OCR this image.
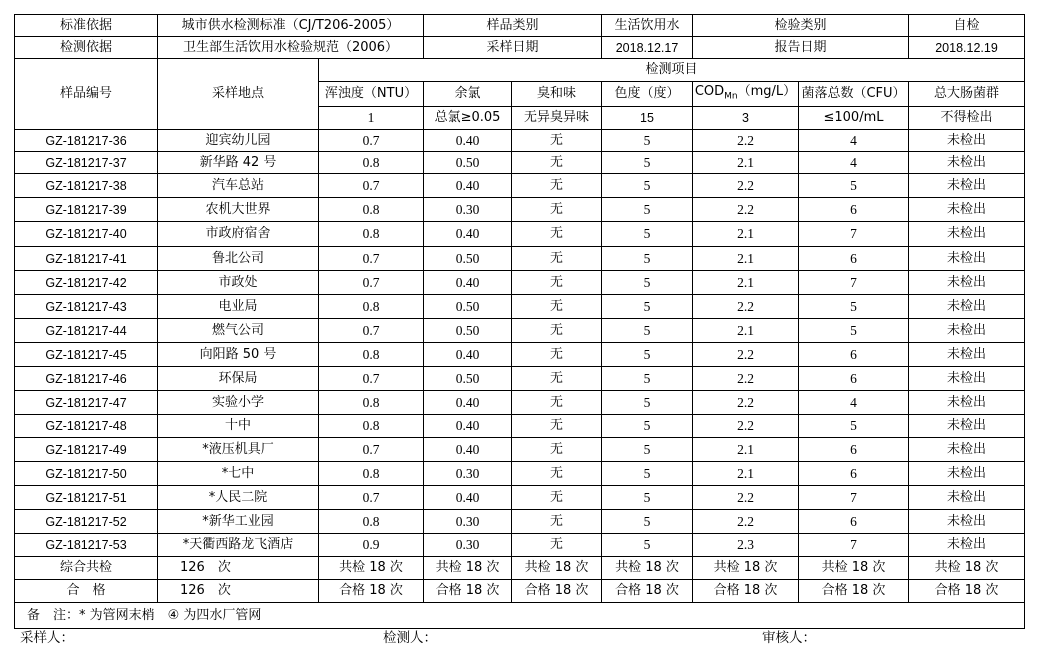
标准依据	城市供水检测标准（CJ/T206-2005）		样品类别		生活饮用水	检验类别		自检
检测依据	卫生部生活饮用水检验规范（2006）		采样日期		2018.12.17	报告日期		2018.12.19
样品编号	采样地点	检测项目						
		浑浊度（NTU）	余氯	臭和味	色度（度）	$COD_{Mn}(mg/L)$	菌落总数（CFU）	总大肠菌群
		1	总氯≥0.05	无异臭异味	15	3	≤100/mL	不得检出
GZ-181217-36	迎宾幼儿园	0.7	0.40	无	5	2.2	4	未检出
GZ-181217-37	新华路 42 号	0.8	0.50	无	5	2.1	4	未检出
GZ-181217-38	汽车总站	0.7	0.40	无	5	2.2	5	未检出
GZ-181217-39	农机大世界	0.8	0.30	无	5	2.2	6	未检出
GZ-181217-40	市政府宿舍	0.8	0.40	无	5	2.1	7	未检出
GZ-181217-41	鲁北公司	0.7	0.50	无	5	2.1	6	未检出
GZ-181217-42	市政处	0.7	0.40	无	5	2.1	7	未检出
GZ-181217-43	电业局	0.8	0.50	无	5	2.2	5	未检出
GZ-181217-44	燃气公司	0.7	0.50	无	5	2.1	5	未检出
GZ-181217-45	向阳路 50 号	0.8	0.40	无	5	2.2	6	未检出
GZ-181217-46	环保局	0.7	0.50	无	5	2.2	6	未检出
GZ-181217-47	实验小学	0.8	0.40	无	5	2.2	4	未检出
GZ-181217-48	十中	0.8	0.40	无	5	2.2	5	未检出
GZ-181217-49	*液压机具厂	0.7	0.40	无	5	2.1	6	未检出
GZ-181217-50	*七中	0.8	0.30	无	5	2.1	6	未检出
GZ-181217-51	*人民二院	0.7	0.40	无	5	2.2	7	未检出
GZ-181217-52	*新华工业园	0.8	0.30	无	5	2.2	6	未检出
GZ-181217-53	*天衢西路龙飞酒店	0.9	0.30	无	5	2.3	7	未检出
综合共检	126　次	共检 18 次	共检 18 次	共检 18 次	共检 18 次	共检 18 次	共检 18 次	共检 18 次
合　格	126　次	合格 18 次	合格 18 次	合格 18 次	合格 18 次	合格 18 次	合格 18 次	合格 18 次
备　注：* 为管网末梢　④ 为四水厂管网								
采样人：	检测人：	审核人：
